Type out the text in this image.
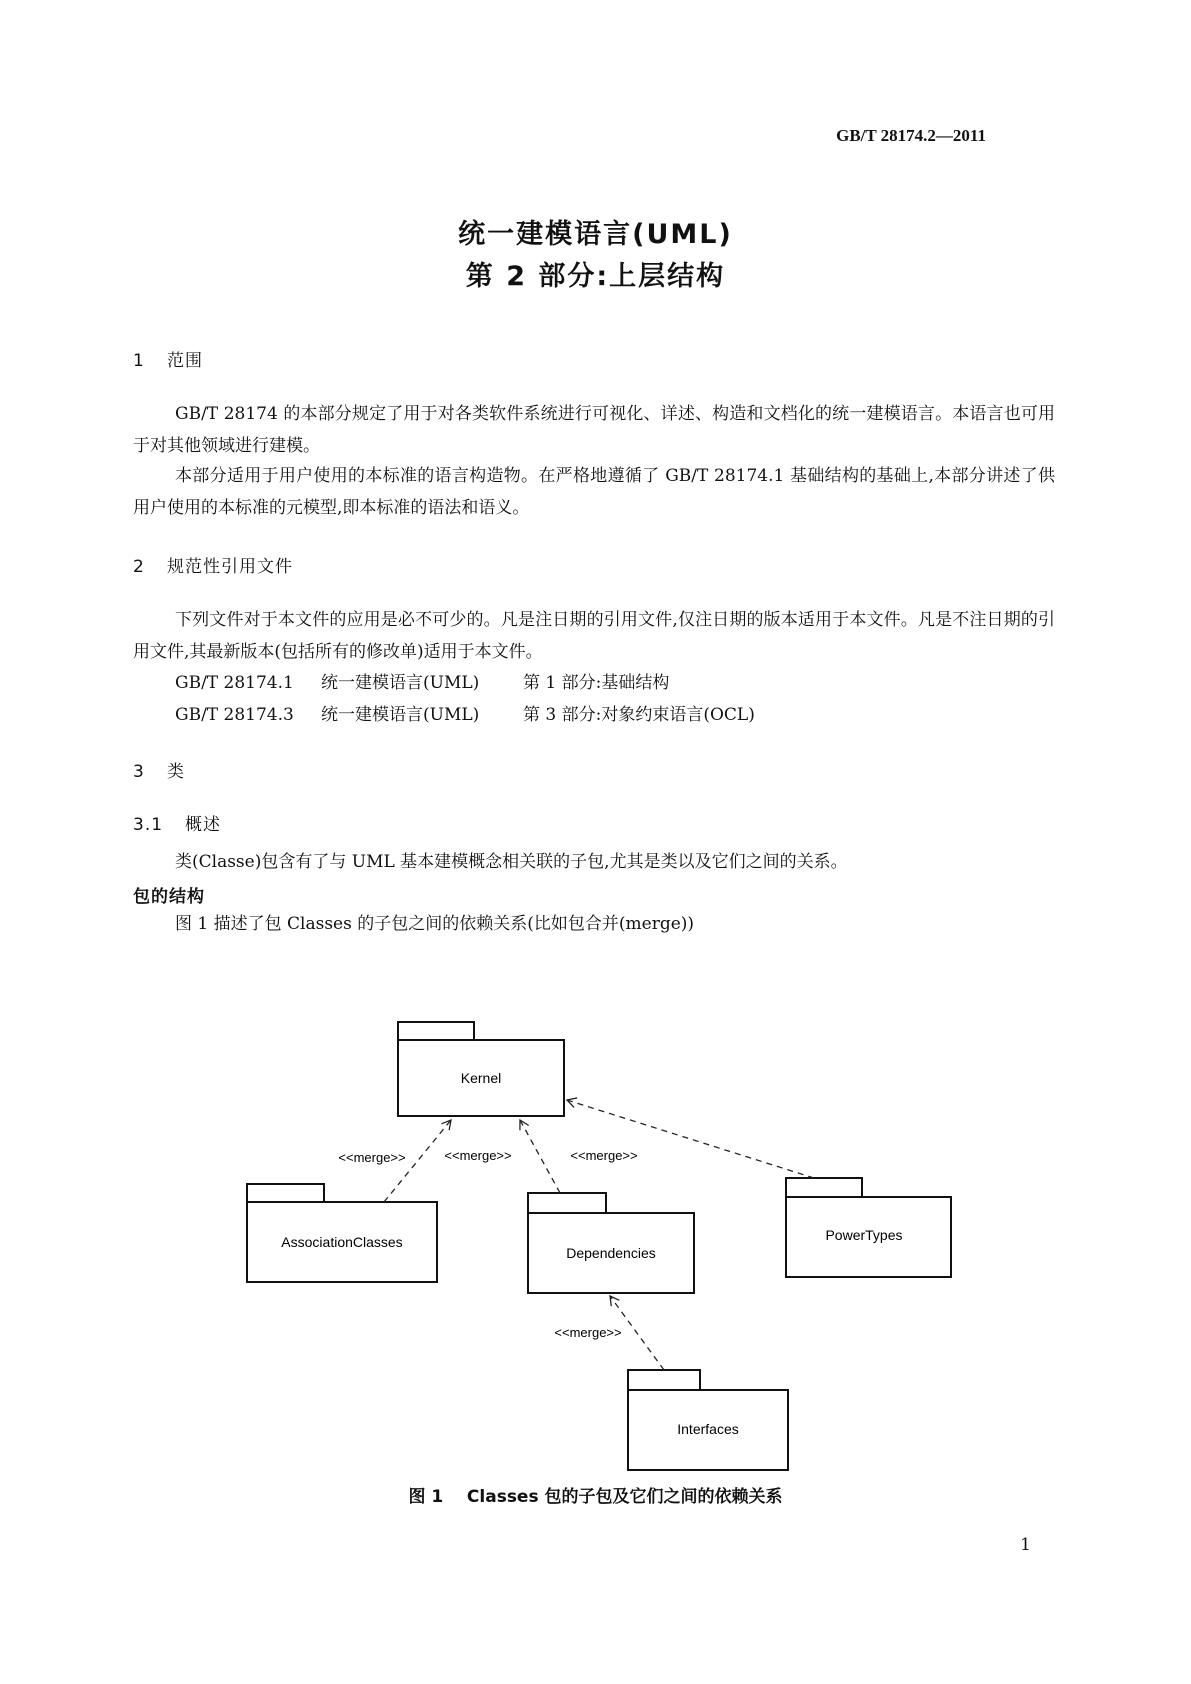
GB/T 28174.2—2011
统一建模语言(UML)
第 2 部分:上层结构
1 范围

GB/T 28174 的本部分规定了用于对各类软件系统进行可视化、详述、构造和文档化的统一建模语言。本语言也可用于对其他领域进行建模。

本部分适用于用户使用的本标准的语言构造物。在严格地遵循了 GB/T 28174.1 基础结构的基础上,本部分讲述了供用户使用的本标准的元模型,即本标准的语法和语义。

2 规范性引用文件

下列文件对于本文件的应用是必不可少的。凡是注日期的引用文件,仅注日期的版本适用于本文件。凡是不注日期的引用文件,其最新版本(包括所有的修改单)适用于本文件。

GB/T 28174.1 统一建模语言(UML)	第 1 部分:基础结构
GB/T 28174.3 统一建模语言(UML)	第 3 部分:对象约束语言(OCL)
3 类
3.1 概述

类(Classe)包含有了与 UML 基本建模概念相关联的子包,尤其是类以及它们之间的关系。

包的结构

图 1 描述了包 Classes 的子包之间的依赖关系(比如包合并(merge))

Kernel
AssociationClasses
Dependencies
PowerTypes
Interfaces
<<merge>>	<<merge>>	<<merge>>
<<merge>>
图 1    Classes 包的子包及它们之间的依赖关系
1
